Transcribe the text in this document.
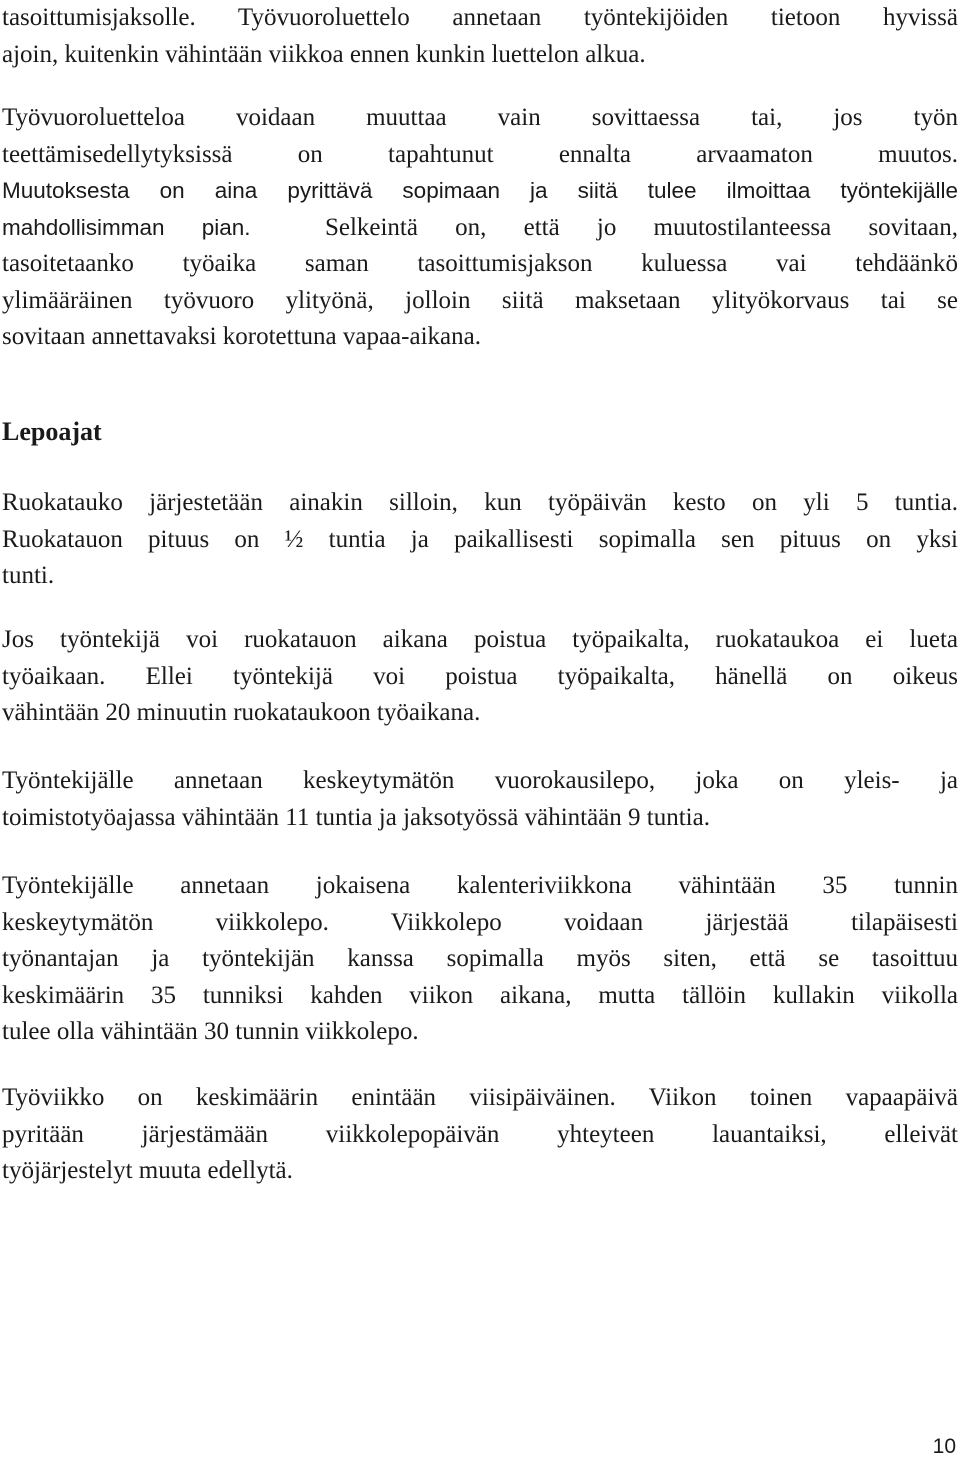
tasoittumisjaksolle. Työvuoroluettelo annetaan työntekijöiden tietoon hyvissä
ajoin, kuitenkin vähintään viikkoa ennen kunkin luettelon alkua.
Työvuoroluetteloa voidaan muuttaa vain sovittaessa tai, jos työn
teettämisedellytyksissä on tapahtunut ennalta arvaamaton muutos.
Muutoksesta on aina pyrittävä sopimaan ja siitä tulee ilmoittaa työntekijälle
mahdollisimman pian.	Selkeintä on, että jo muutostilanteessa sovitaan,
tasoitetaanko työaika saman tasoittumisjakson kuluessa vai tehdäänkö
ylimääräinen työvuoro ylityönä, jolloin siitä maksetaan ylityökorvaus tai se
sovitaan annettavaksi korotettuna vapaa-aikana.
Lepoajat
Ruokatauko järjestetään ainakin silloin, kun työpäivän kesto on yli 5 tuntia.
Ruokatauon pituus on ½ tuntia ja paikallisesti sopimalla sen pituus on yksi
tunti.
Jos työntekijä voi ruokatauon aikana poistua työpaikalta, ruokataukoa ei lueta
työaikaan. Ellei työntekijä voi poistua työpaikalta, hänellä on oikeus
vähintään 20 minuutin ruokataukoon työaikana.
Työntekijälle annetaan keskeytymätön vuorokausilepo, joka on yleis- ja
toimistotyöajassa vähintään 11 tuntia ja jaksotyössä vähintään 9 tuntia.
Työntekijälle annetaan jokaisena kalenteriviikkona vähintään 35 tunnin
keskeytymätön viikkolepo. Viikkolepo voidaan järjestää tilapäisesti
työnantajan ja työntekijän kanssa sopimalla myös siten, että se tasoittuu
keskimäärin 35 tunniksi kahden viikon aikana, mutta tällöin kullakin viikolla
tulee olla vähintään 30 tunnin viikkolepo.
Työviikko on keskimäärin enintään viisipäiväinen. Viikon toinen vapaapäivä
pyritään järjestämään viikkolepopäivän yhteyteen lauantaiksi, elleivät
työjärjestelyt muuta edellytä.
10
